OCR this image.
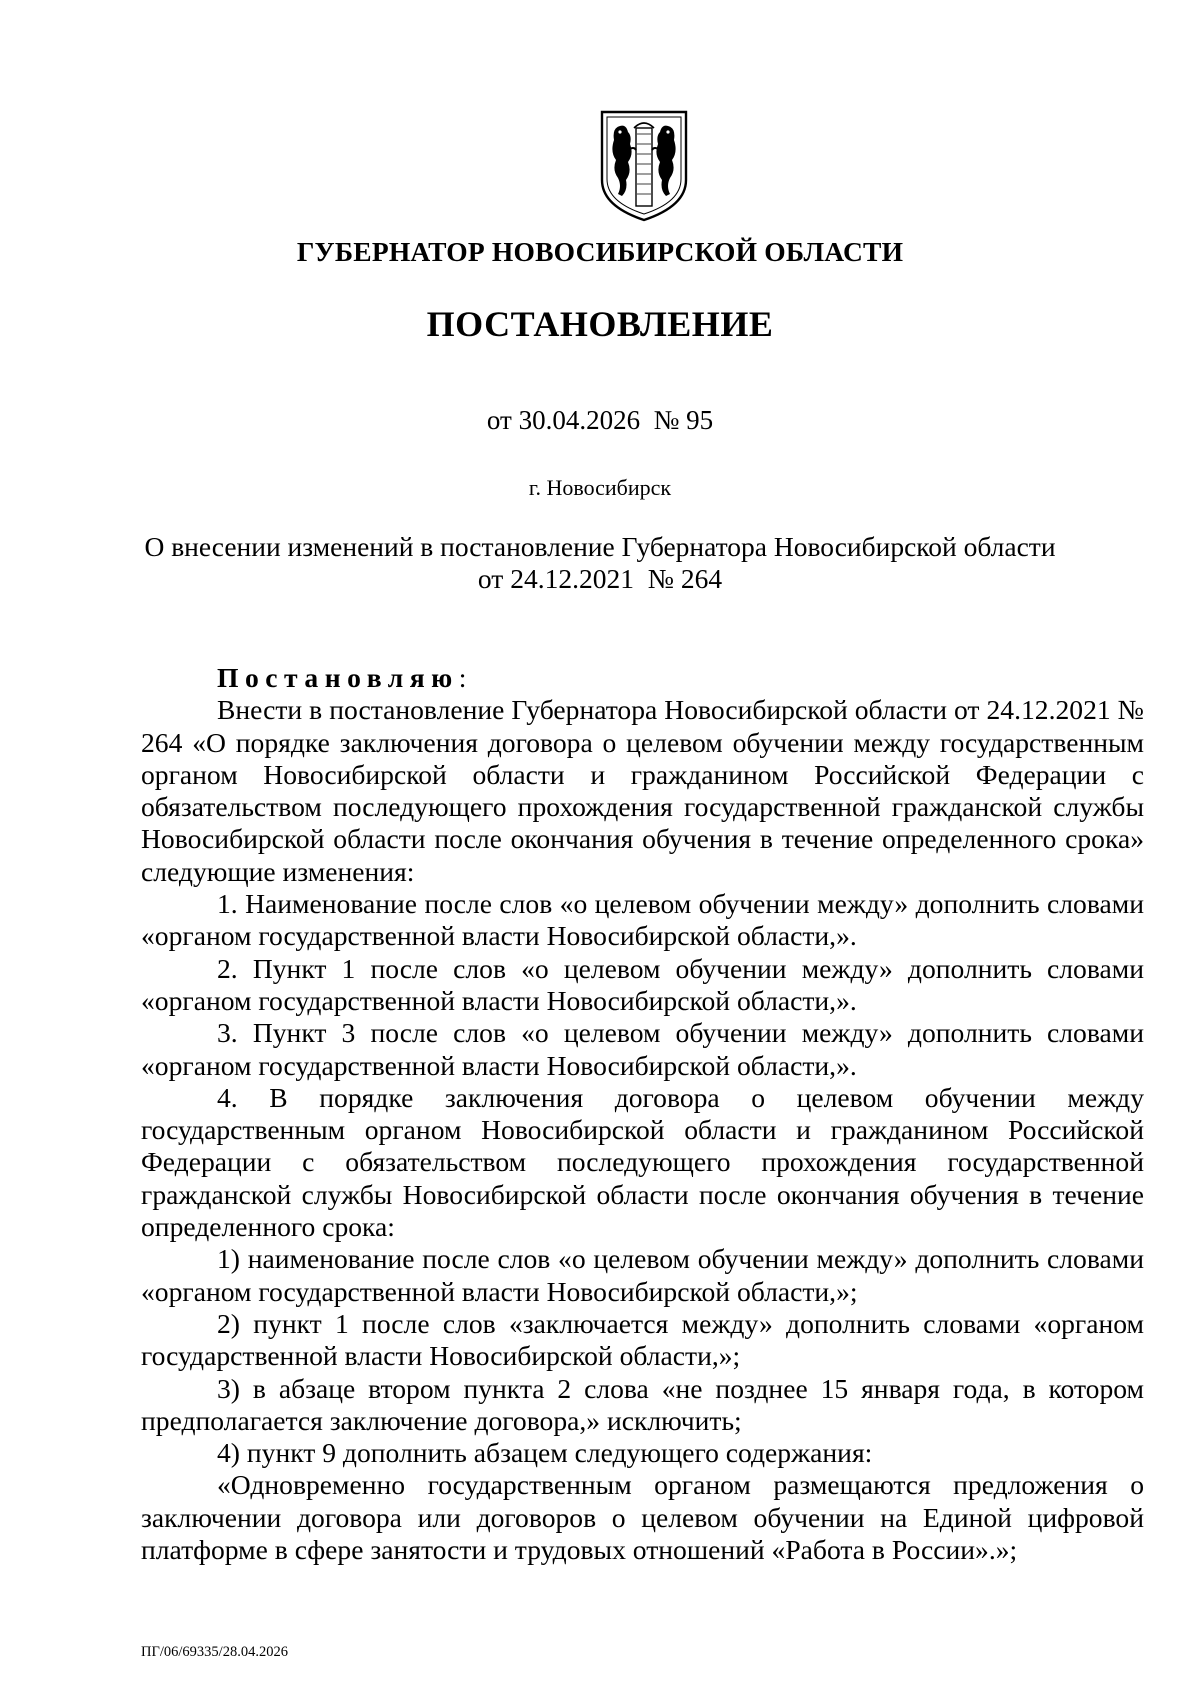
ГУБЕРНАТОР НОВОСИБИРСКОЙ ОБЛАСТИ
ПОСТАНОВЛЕНИЕ
от 30.04.2026  № 95
г. Новосибирск
О внесении изменений в постановление Губернатора Новосибирской области
от 24.12.2021  № 264

Постановляю:

Внести в постановление Губернатора Новосибирской области от 24.12.2021 № 264 «О порядке заключения договора о целевом обучении между государственным органом Новосибирской области и гражданином Российской Федерации с обязательством последующего прохождения государственной гражданской службы Новосибирской области после окончания обучения в течение определенного срока» следующие изменения:

1. Наименование после слов «о целевом обучении между» дополнить словами «органом государственной власти Новосибирской области,».

2. Пункт 1 после слов «о целевом обучении между» дополнить словами «органом государственной власти Новосибирской области,».

3. Пункт 3 после слов «о целевом обучении между» дополнить словами «органом государственной власти Новосибирской области,».

4. В порядке заключения договора о целевом обучении между государственным органом Новосибирской области и гражданином Российской Федерации с обязательством последующего прохождения государственной гражданской службы Новосибирской области после окончания обучения в течение определенного срока:

1) наименование после слов «о целевом обучении между» дополнить словами «органом государственной власти Новосибирской области,»;

2) пункт 1 после слов «заключается между» дополнить словами «органом государственной власти Новосибирской области,»;

3) в абзаце втором пункта 2 слова «не позднее 15 января года, в котором предполагается заключение договора,» исключить;

4) пункт 9 дополнить абзацем следующего содержания:

«Одновременно государственным органом размещаются предложения о заключении договора или договоров о целевом обучении на Единой цифровой платформе в сфере занятости и трудовых отношений «Работа в России».»;

ПГ/06/69335/28.04.2026
